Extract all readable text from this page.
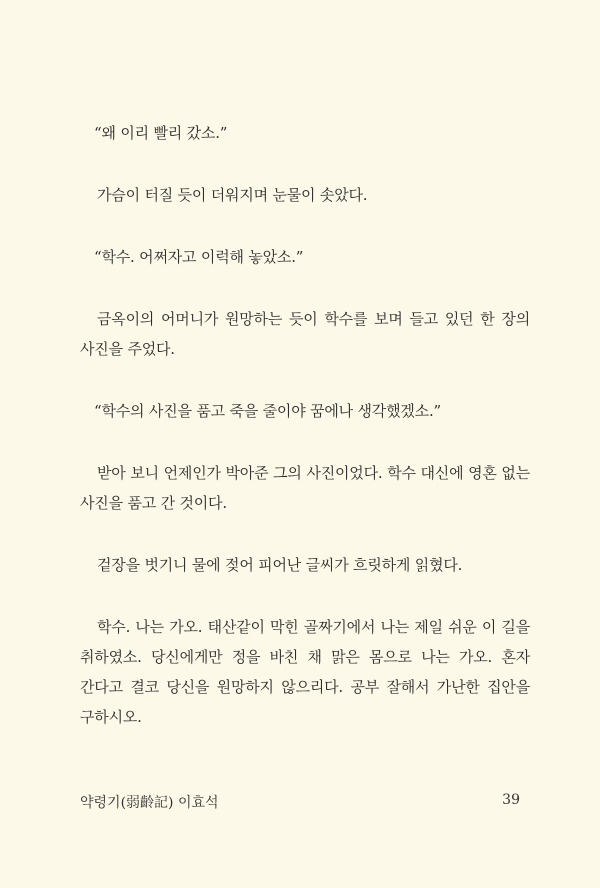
“왜 이리 빨리 갔소.”

가슴이 터질 듯이 더워지며 눈물이 솟았다.

“학수. 어쩌자고 이럭해 놓았소.”

금옥이의 어머니가 원망하는 듯이 학수를 보며 들고 있던 한 장의 사진을 주었다.

“학수의 사진을 품고 죽을 줄이야 꿈에나 생각했겠소.”

받아 보니 언제인가 박아준 그의 사진이었다. 학수 대신에 영혼 없는 사진을 품고 간 것이다.

겉장을 벗기니 물에 젖어 피어난 글씨가 흐릿하게 읽혔다.

학수. 나는 가오. 태산같이 막힌 골짜기에서 나는 제일 쉬운 이 길을 취하였소. 당신에게만 정을 바친 채 맑은 몸으로 나는 가오. 혼자 간다고 결코 당신을 원망하지 않으리다. 공부 잘해서 가난한 집안을 구하시오.

약령기(弱齡記) 이효석	39
